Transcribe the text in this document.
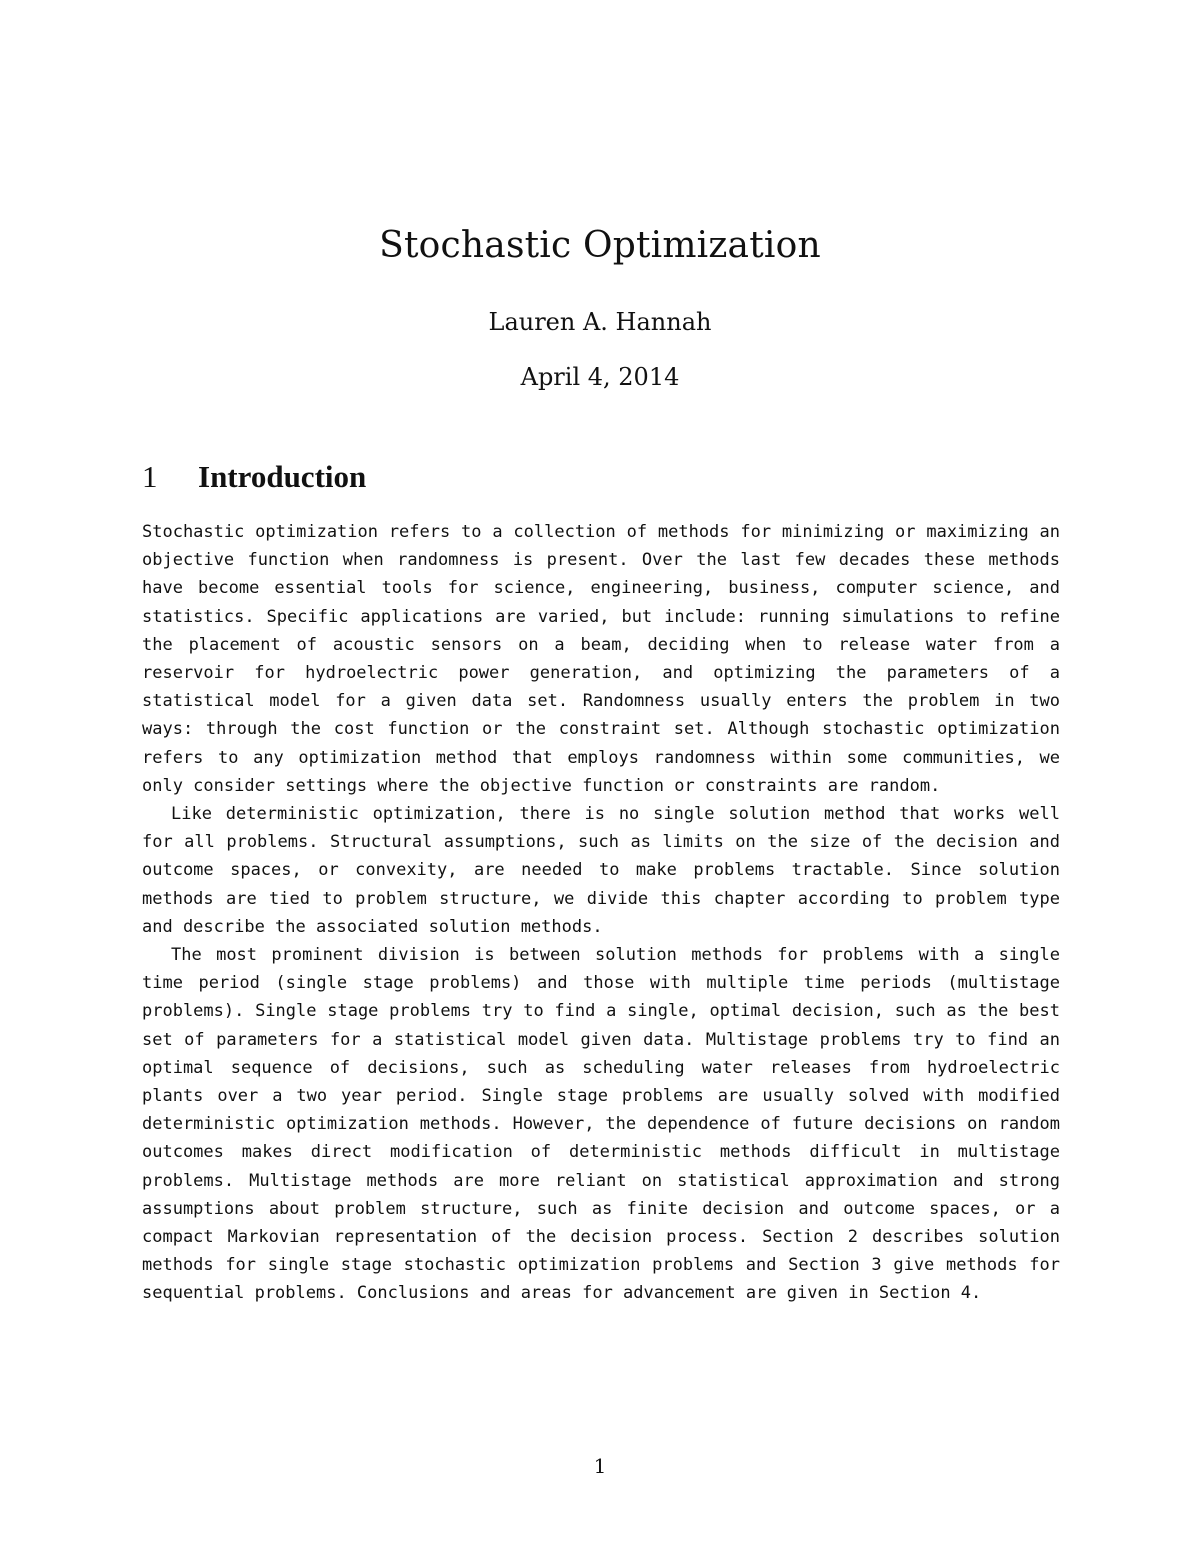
Stochastic Optimization
Lauren A. Hannah
April 4, 2014
1 Introduction

Stochastic optimization refers to a collection of methods for minimizing or maximizing an objective function when randomness is present. Over the last few decades these methods have become essential tools for science, engineering, business, computer science, and statistics. Specific applications are varied, but include: running simulations to refine the placement of acoustic sensors on a beam, deciding when to release water from a reservoir for hydroelectric power generation, and optimizing the parameters of a statistical model for a given data set. Randomness usually enters the problem in two ways: through the cost function or the constraint set. Although stochastic optimization refers to any optimization method that employs randomness within some communities, we only consider settings where the objective function or constraints are random.

Like deterministic optimization, there is no single solution method that works well for all problems. Structural assumptions, such as limits on the size of the decision and outcome spaces, or convexity, are needed to make problems tractable. Since solution methods are tied to problem structure, we divide this chapter according to problem type and describe the associated solution methods.

The most prominent division is between solution methods for problems with a single time period (single stage problems) and those with multiple time periods (multistage problems). Single stage problems try to find a single, optimal decision, such as the best set of parameters for a statistical model given data. Multistage problems try to find an optimal sequence of decisions, such as scheduling water releases from hydroelectric plants over a two year period. Single stage problems are usually solved with modified deterministic optimization methods. However, the dependence of future decisions on random outcomes makes direct modification of deterministic methods difficult in multistage problems. Multistage methods are more reliant on statistical approximation and strong assumptions about problem structure, such as finite decision and outcome spaces, or a compact Markovian representation of the decision process. Section 2 describes solution methods for single stage stochastic optimization problems and Section 3 give methods for sequential problems. Conclusions and areas for advancement are given in Section 4.

1
